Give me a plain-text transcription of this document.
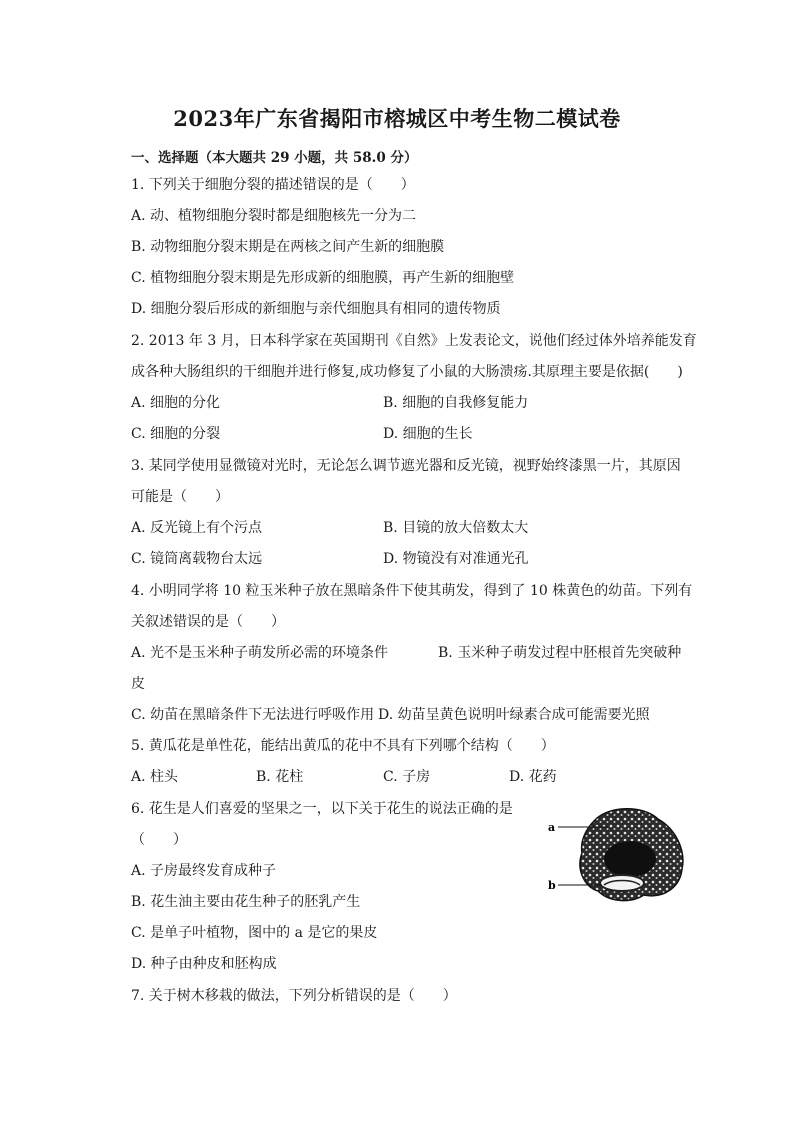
2023年广东省揭阳市榕城区中考生物二模试卷
一、选择题（本大题共 29 小题，共 58.0 分）
1. 下列关于细胞分裂的描述错误的是（　　）
A. 动、植物细胞分裂时都是细胞核先一分为二
B. 动物细胞分裂末期是在两核之间产生新的细胞膜
C. 植物细胞分裂末期是先形成新的细胞膜，再产生新的细胞壁
D. 细胞分裂后形成的新细胞与亲代细胞具有相同的遗传物质
2. 2013 年 3 月，日本科学家在英国期刊《自然》上发表论文，说他们经过体外培养能发育
成各种大肠组织的干细胞并进行修复,成功修复了小鼠的大肠溃疡.其原理主要是依据(　　)
A. 细胞的分化	B. 细胞的自我修复能力
C. 细胞的分裂	D. 细胞的生长
3. 某同学使用显微镜对光时，无论怎么调节遮光器和反光镜，视野始终漆黑一片，其原因
可能是（　　）
A. 反光镜上有个污点	B. 目镜的放大倍数太大
C. 镜筒离载物台太远	D. 物镜没有对准通光孔
4. 小明同学将 10 粒玉米种子放在黑暗条件下使其萌发，得到了 10 株黄色的幼苗。下列有
关叙述错误的是（　　）
A. 光不是玉米种子萌发所必需的环境条件	B. 玉米种子萌发过程中胚根首先突破种
皮
C. 幼苗在黑暗条件下无法进行呼吸作用 D. 幼苗呈黄色说明叶绿素合成可能需要光照
5. 黄瓜花是单性花，能结出黄瓜的花中不具有下列哪个结构（　　）
A. 柱头	B. 花柱	C. 子房	D. 花药
6. 花生是人们喜爱的坚果之一，以下关于花生的说法正确的是
（　　）
A. 子房最终发育成种子
B. 花生油主要由花生种子的胚乳产生
C. 是单子叶植物，图中的 a 是它的果皮
D. 种子由种皮和胚构成
a
b
7. 关于树木移栽的做法，下列分析错误的是（　　）
